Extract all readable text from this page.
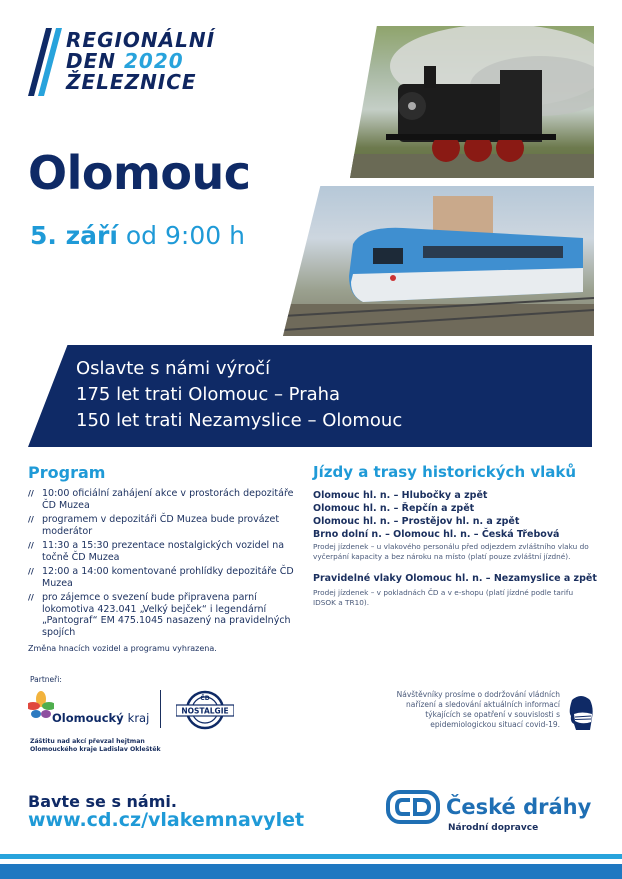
REGIONÁLNÍ
DEN 2020
ŽELEZNICE
Olomouc
5. září od 9:00 h
Oslavte s námi výročí
175 let trati Olomouc – Praha
150 let trati Nezamyslice – Olomouc
Program
// 10:00 oficiální zahájení akce v prostorách depozitáře ČD Muzea
// programem v depozitáři ČD Muzea bude provázet moderátor
// 11:30 a 15:30 prezentace nostalgických vozidel na točně ČD Muzea
// 12:00 a 14:00 komentované prohlídky depozitáře ČD Muzea
// pro zájemce o svezení bude připravena parní lokomotiva 423.041 „Velký bejček“ i legendární „Pantograf“ EM 475.1045 nasazený na pravidelných spojích
Změna hnacích vozidel a programu vyhrazena.
Jízdy a trasy historických vlaků
Olomouc hl. n. – Hlubočky a zpět
Olomouc hl. n. – Řepčín a zpět
Olomouc hl. n. – Prostějov hl. n. a zpět
Brno dolní n. – Olomouc hl. n. – Česká Třebová
Prodej jízdenek – u vlakového personálu před odjezdem zvláštního vlaku do vyčerpání kapacity a bez nároku na místo (platí pouze zvláštní jízdné).
Pravidelné vlaky Olomouc hl. n. – Nezamyslice a zpět
Prodej jízdenek – v pokladnách ČD a v e-shopu (platí jízdné podle tarifu IDSOK a TR10).
Partneři:
Olomoucký kraj
ČD
NOSTALGIE
Záštitu nad akcí převzal hejtman
Olomouckého kraje Ladislav Okleštěk
Návštěvníky prosíme o dodržování vládních nařízení a sledování aktuálních informací týkajících se opatření v souvislosti s epidemiologickou situací covid-19.
Bavte se s námi.
www.cd.cz/vlakemnavylet
České dráhy
Národní dopravce
